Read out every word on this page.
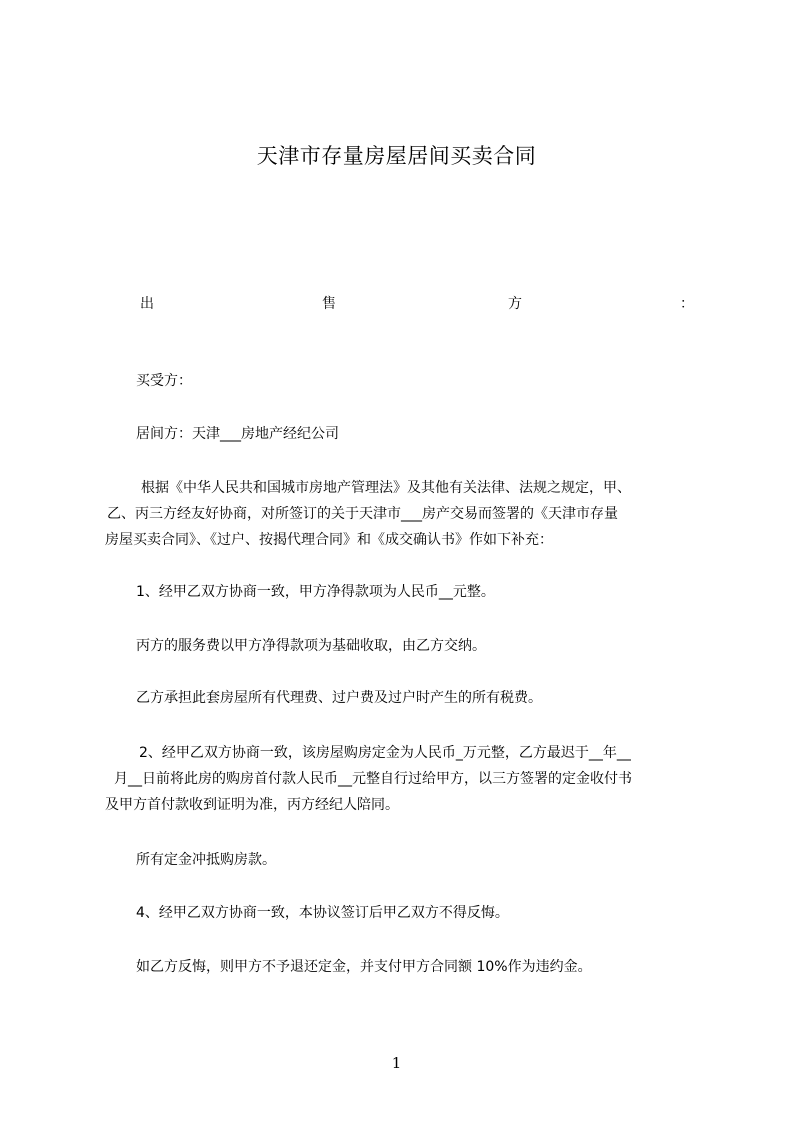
天津市存量房屋居间买卖合同
出	售	方	：
买受方：
居间方：天津___房地产经纪公司
根据《中华人民共和国城市房地产管理法》及其他有关法律、法规之规定，甲、
乙、丙三方经友好协商，对所签订的关于天津市___房产交易而签署的《天津市存量
房屋买卖合同》、《过户、按揭代理合同》和《成交确认书》作如下补充：
1、经甲乙双方协商一致，甲方净得款项为人民币__元整。
丙方的服务费以甲方净得款项为基础收取，由乙方交纳。
乙方承担此套房屋所有代理费、过户费及过户时产生的所有税费。
2、经甲乙双方协商一致，该房屋购房定金为人民币_万元整，乙方最迟于__年__
月__日前将此房的购房首付款人民币__元整自行过给甲方，以三方签署的定金收付书
及甲方首付款收到证明为准，丙方经纪人陪同。
所有定金冲抵购房款。
4、经甲乙双方协商一致，本协议签订后甲乙双方不得反悔。
如乙方反悔，则甲方不予退还定金，并支付甲方合同额 10%作为违约金。
1
